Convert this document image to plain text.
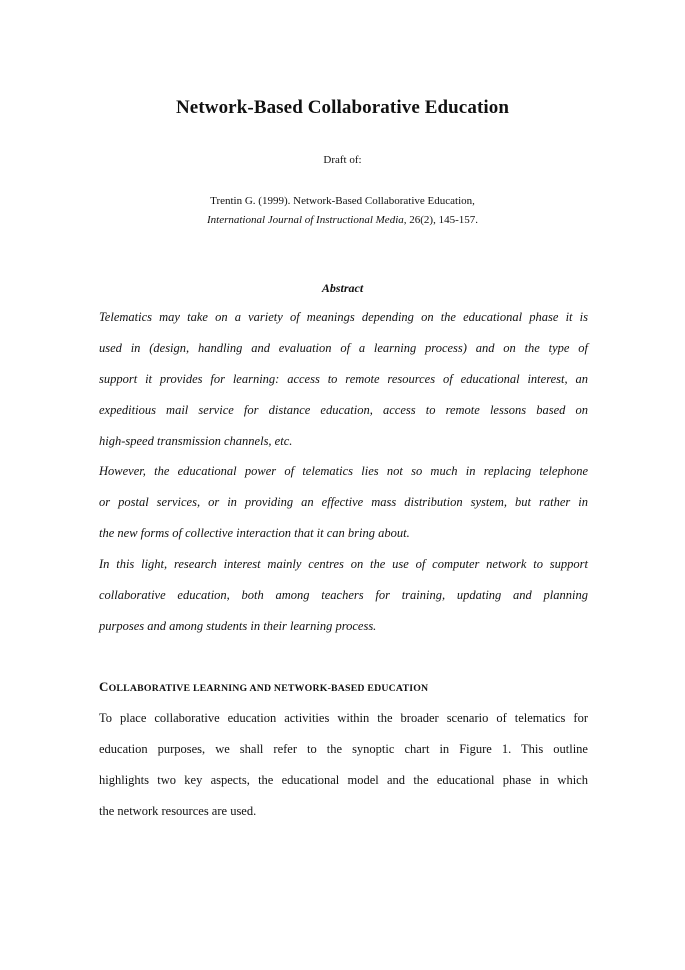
Network-Based Collaborative Education
Draft of:
Trentin G. (1999). Network-Based Collaborative Education,
International Journal of Instructional Media, 26(2), 145-157.
Abstract
Telematics may take on a variety of meanings depending on the educational phase it is
used in (design, handling and evaluation of a learning process) and on the type of
support it provides for learning: access to remote resources of educational interest, an
expeditious mail service for distance education, access to remote lessons based on
high-speed transmission channels, etc.
However, the educational power of telematics lies not so much in replacing telephone
or postal services, or in providing an effective mass distribution system, but rather in
the new forms of collective interaction that it can bring about.
In this light, research interest mainly centres on the use of computer network to support
collaborative education, both among teachers for training, updating and planning
purposes and among students in their learning process.
COLLABORATIVE LEARNING AND NETWORK-BASED EDUCATION
To place collaborative education activities within the broader scenario of telematics for
education purposes, we shall refer to the synoptic chart in Figure 1. This outline
highlights two key aspects, the educational model and the educational phase in which
the network resources are used.
